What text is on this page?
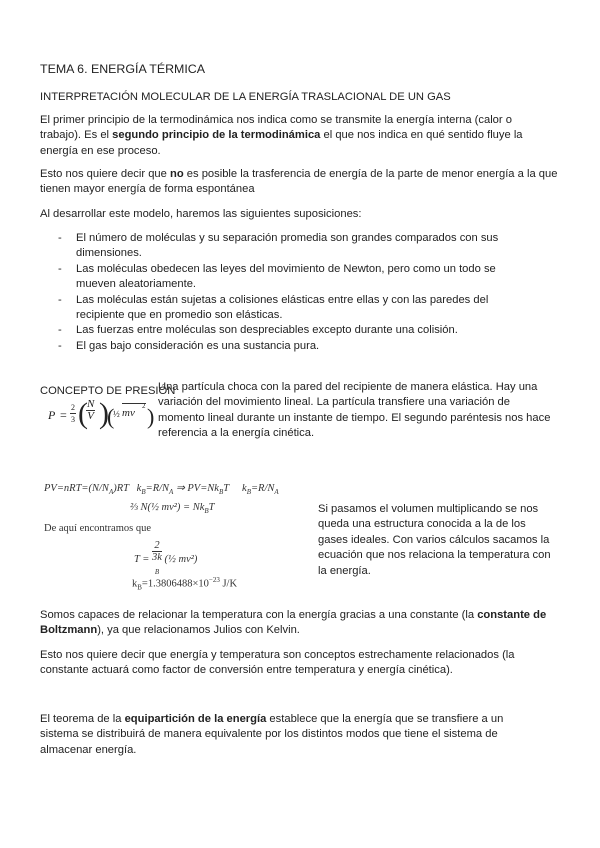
TEMA 6. ENERGÍA TÉRMICA
INTERPRETACIÓN MOLECULAR DE LA ENERGÍA TRASLACIONAL DE UN GAS

El primer principio de la termodinámica nos indica como se transmite la energía interna (calor o trabajo). Es el segundo principio de la termodinámica el que nos indica en qué sentido fluye la energía en ese proceso.

Esto nos quiere decir que no es posible la trasferencia de energía de la parte de menor energía a la que tienen mayor energía de forma espontánea

Al desarrollar este modelo, haremos las siguientes suposiciones:

- El número de moléculas y su separación promedia son grandes comparados con sus dimensiones.
- Las moléculas obedecen las leyes del movimiento de Newton, pero como un todo se mueven aleatoriamente.
- Las moléculas están sujetas a colisiones elásticas entre ellas y con las paredes del recipiente que en promedio son elásticas.
- Las fuerzas entre moléculas son despreciables excepto durante una colisión.
- El gas bajo consideración es una sustancia pura.
CONCEPTO DE PRESIÓN
$P = \frac{2}{3}$ (
$\frac{N}{V}$ )
(
½ mv
2 )

Una partícula choca con la pared del recipiente de manera elástica. Hay una variación del movimiento lineal. La partícula transfiere una variación de momento lineal durante un instante de tiempo. El segundo paréntesis nos hace referencia a la energía cinética.

$PV=nRT=(N/N_A)RT$ $k_B=R/N_A$ ⇒ $PV=Nk_BT$ $k_B=R/N_A$
⅔ N(½ $mv^2) = Nk_BT$
De aquí encontramos que
T = 2
3k
$_B$ (½ mv²)
$k_B=1.3806488\times 10^{-23}$ J/K

Si pasamos el volumen multiplicando se nos queda una estructura conocida a la de los gases ideales. Con varios cálculos sacamos la ecuación que nos relaciona la temperatura con la energía.

Somos capaces de relacionar la temperatura con la energía gracias a una constante (la constante de Boltzmann), ya que relacionamos Julios con Kelvin.

Esto nos quiere decir que energía y temperatura son conceptos estrechamente relacionados (la constante actuará como factor de conversión entre temperatura y energía cinética).

El teorema de la equipartición de la energía establece que la energía que se transfiere a un sistema se distribuirá de manera equivalente por los distintos modos que tiene el sistema de almacenar energía.
